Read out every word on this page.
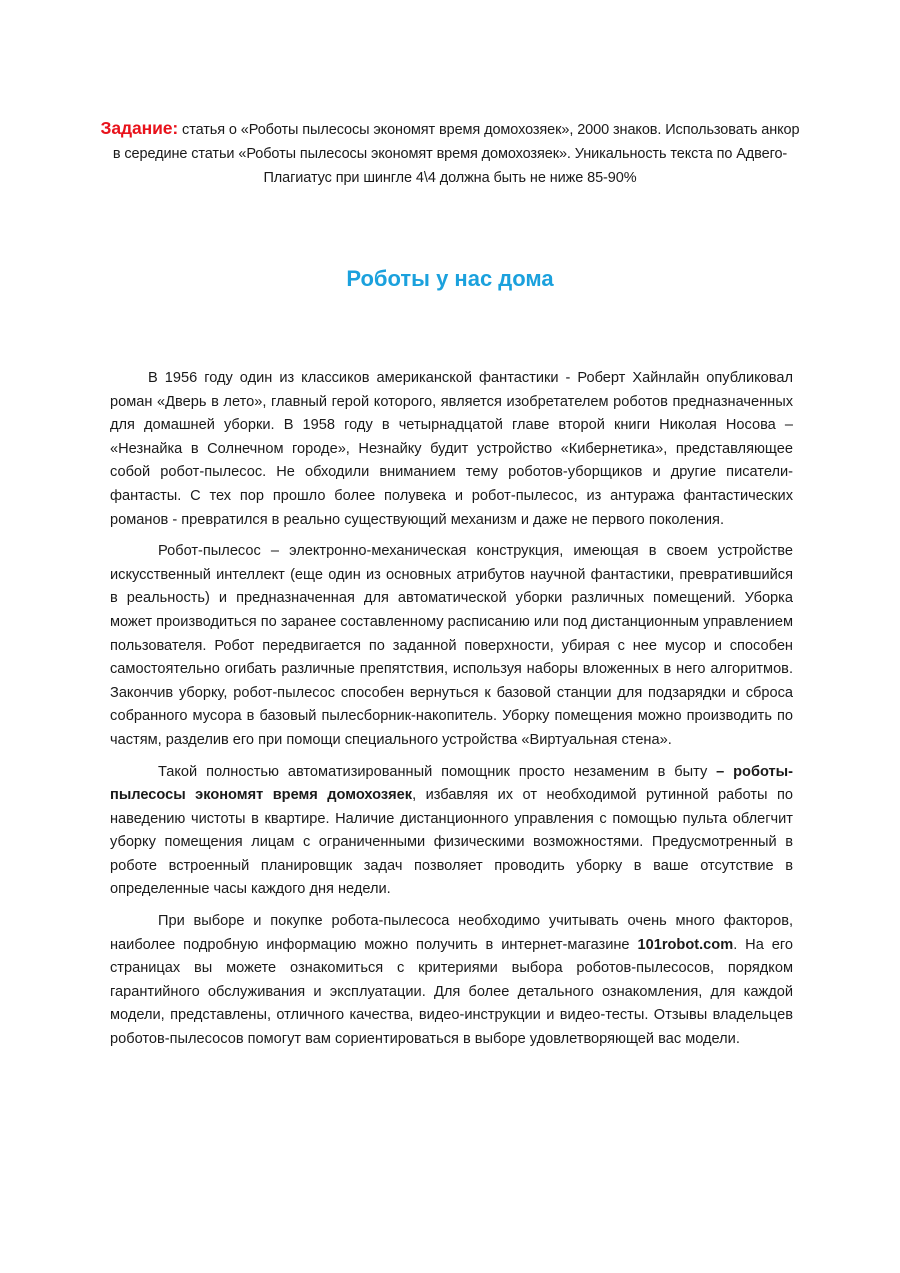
Задание: статья о «Роботы пылесосы экономят время домохозяек», 2000 знаков. Использовать анкор в середине статьи «Роботы пылесосы экономят время домохозяек». Уникальность текста по Адвего-Плагиатус при шингле 4\4 должна быть не ниже 85-90%
Роботы у нас дома

В 1956 году один из классиков американской фантастики - Роберт Хайнлайн опубликовал роман «Дверь в лето», главный герой которого, является изобретателем роботов предназначенных для домашней уборки. В 1958 году в четырнадцатой главе второй книги Николая Носова – «Незнайка в Солнечном городе», Незнайку будит устройство «Кибернетика», представляющее собой робот-пылесос. Не обходили вниманием тему роботов-уборщиков и другие писатели-фантасты. С тех пор прошло более полувека и робот-пылесос, из антуража фантастических романов - превратился в реально существующий механизм и даже не первого поколения.

Робот-пылесос – электронно-механическая конструкция, имеющая в своем устройстве искусственный интеллект (еще один из основных атрибутов научной фантастики, превратившийся в реальность) и предназначенная для автоматической уборки различных помещений. Уборка может производиться по заранее составленному расписанию или под дистанционным управлением пользователя. Робот передвигается по заданной поверхности, убирая с нее мусор и способен самостоятельно огибать различные препятствия, используя наборы вложенных в него алгоритмов. Закончив уборку, робот-пылесос способен вернуться к базовой станции для подзарядки и сброса собранного мусора в базовый пылесборник-накопитель. Уборку помещения можно производить по частям, разделив его при помощи специального устройства «Виртуальная стена».

Такой полностью автоматизированный помощник просто незаменим в быту – роботы-пылесосы экономят время домохозяек, избавляя их от необходимой рутинной работы по наведению чистоты в квартире. Наличие дистанционного управления с помощью пульта облегчит уборку помещения лицам с ограниченными физическими возможностями. Предусмотренный в роботе встроенный планировщик задач позволяет проводить уборку в ваше отсутствие в определенные часы каждого дня недели.

При выборе и покупке робота-пылесоса необходимо учитывать очень много факторов, наиболее подробную информацию можно получить в интернет-магазине 101robot.com. На его страницах вы можете ознакомиться с критериями выбора роботов-пылесосов, порядком гарантийного обслуживания и эксплуатации. Для более детального ознакомления, для каждой модели, представлены, отличного качества, видео-инструкции и видео-тесты. Отзывы владельцев роботов-пылесосов помогут вам сориентироваться в выборе удовлетворяющей вас модели.
